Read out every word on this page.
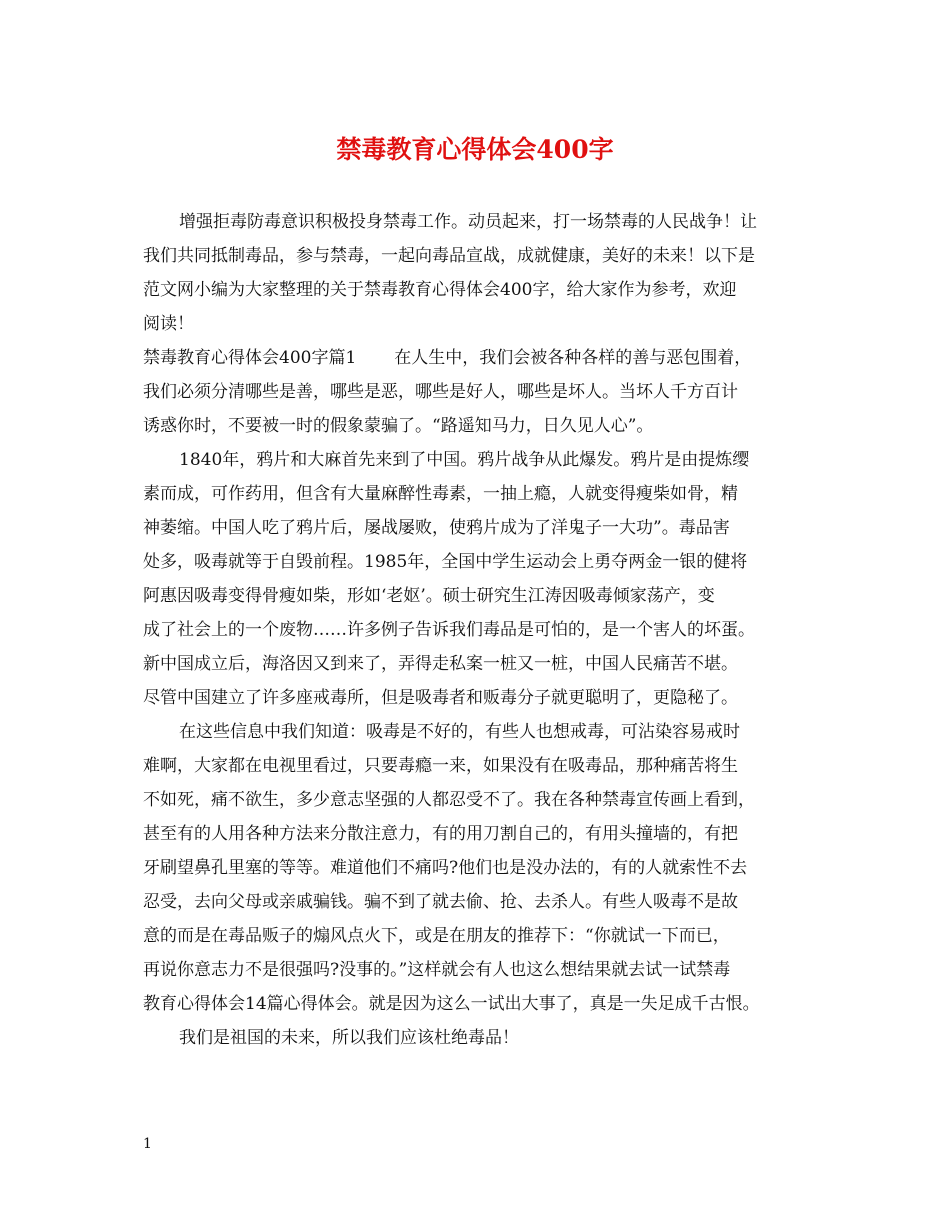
禁毒教育心得体会400字
增强拒毒防毒意识积极投身禁毒工作。动员起来，打一场禁毒的人民战争！让
我们共同抵制毒品，参与禁毒，一起向毒品宣战，成就健康，美好的未来！以下是
范文网小编为大家整理的关于禁毒教育心得体会400字，给大家作为参考，欢迎
阅读！
禁毒教育心得体会400字篇1 在人生中，我们会被各种各样的善与恶包围着，
我们必须分清哪些是善，哪些是恶，哪些是好人，哪些是坏人。当坏人千方百计
诱惑你时，不要被一时的假象蒙骗了。“路遥知马力，日久见人心”。
1840年，鸦片和大麻首先来到了中国。鸦片战争从此爆发。鸦片是由提炼缨
素而成，可作药用，但含有大量麻醉性毒素，一抽上瘾，人就变得瘦柴如骨，精
神萎缩。中国人吃了鸦片后，屡战屡败，使鸦片成为了洋鬼子一大功”。毒品害
处多，吸毒就等于自毁前程。1985年，全国中学生运动会上勇夺两金一银的健将
阿惠因吸毒变得骨瘦如柴，形如‘老妪’。硕士研究生江涛因吸毒倾家荡产，变
成了社会上的一个废物……许多例子告诉我们毒品是可怕的，是一个害人的坏蛋。
新中国成立后，海洛因又到来了，弄得走私案一桩又一桩，中国人民痛苦不堪。
尽管中国建立了许多座戒毒所，但是吸毒者和贩毒分子就更聪明了，更隐秘了。
在这些信息中我们知道：吸毒是不好的，有些人也想戒毒，可沾染容易戒时
难啊，大家都在电视里看过，只要毒瘾一来，如果没有在吸毒品，那种痛苦将生
不如死，痛不欲生，多少意志坚强的人都忍受不了。我在各种禁毒宣传画上看到，
甚至有的人用各种方法来分散注意力，有的用刀割自己的，有用头撞墙的，有把
牙刷望鼻孔里塞的等等。难道他们不痛吗?他们也是没办法的，有的人就索性不去
忍受，去向父母或亲戚骗钱。骗不到了就去偷、抢、去杀人。有些人吸毒不是故
意的而是在毒品贩子的煽风点火下，或是在朋友的推荐下：“你就试一下而已，
再说你意志力不是很强吗?没事的。”这样就会有人也这么想结果就去试一试禁毒
教育心得体会14篇心得体会。就是因为这么一试出大事了，真是一失足成千古恨。
我们是祖国的未来，所以我们应该杜绝毒品！
1
